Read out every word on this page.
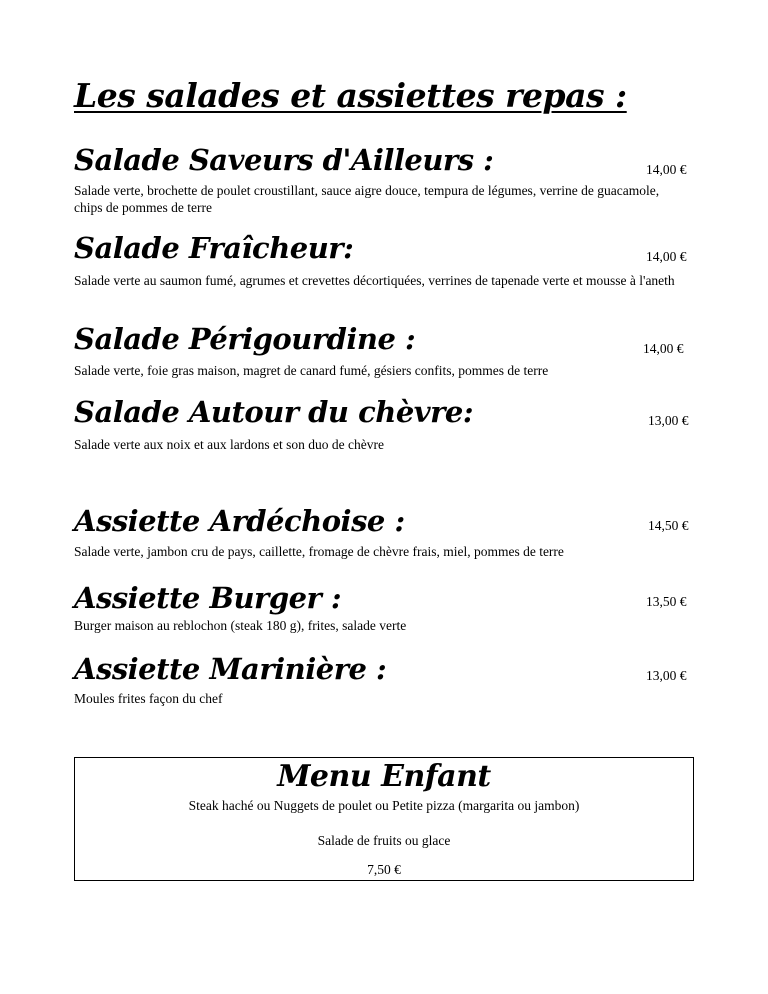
Les salades et assiettes repas :
Salade Saveurs d'Ailleurs :	14,00 €
Salade verte, brochette de poulet croustillant, sauce aigre douce, tempura de légumes, verrine de guacamole, chips de pommes de terre
Salade Fraîcheur:	14,00 €
Salade verte au saumon fumé, agrumes et crevettes décortiquées, verrines de tapenade verte et mousse à l'aneth
Salade Périgourdine :	14,00 €
Salade verte, foie gras maison, magret de canard fumé, gésiers confits, pommes de terre
Salade Autour du chèvre:	13,00 €
Salade verte aux noix et aux lardons et son duo de chèvre
Assiette Ardéchoise :	14,50 €
Salade verte, jambon cru de pays, caillette, fromage de chèvre frais, miel, pommes de terre
Assiette Burger :	13,50 €
Burger maison au reblochon (steak 180 g), frites, salade verte
Assiette Marinière :	13,00 €
Moules frites façon du chef
Menu Enfant
Steak haché ou Nuggets de poulet ou Petite pizza (margarita ou jambon)
Salade de fruits ou glace
7,50 €
